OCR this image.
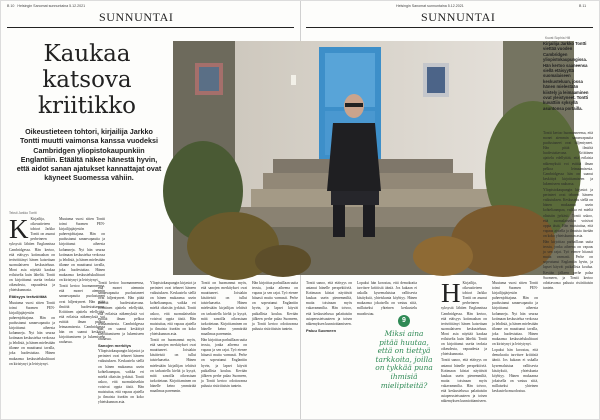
B 10 Helsingin Sanomat sunnuntaina 5.12.2021
SUNNUNTAI
Helsingin Sanomat sunnuntaina 5.12.2021	B 11
SUNNUNTAI
Kaukaa katsova kriitikko
Oikeustieteen tohtori, kirjailija Jarkko Tontti muutti vaimonsa kanssa vuodeksi Cambridgen yliopistokaupunkiin Englantiin. Etäältä näkee hänestä hyvin, että aidot sanan ajatukset kannattajat ovat käyneet Suomessa vähiin.
Teksti Jarkko Tontti
Kuvat Sophia Hill
K Kirjailija, oikeustieteen tohtori Jarkko Tontti on asunut perheineen syksystä lähtien Englannissa Cambridgessa. Hän kertoo, että etäisyys kotimaahan on terävöittänyt hänen katsettaan suomalaiseen keskusteluun. Moni asia näyttää kaukaa erilaiselta kuin läheltä. Tontti on kirjoittanut useita teoksia oikeudesta, vapaudesta ja yhteiskunnasta.

Etäisyys terävöittää

Muutama vuosi sitten Tontti toimi Suomen PEN-kirjailijajärjestön puheenjohtajana. Hän on puolustanut sananvapautta ja kirjoittanut aiheesta kolumneja. Nyt hän seuraa kotimaan keskustelua verkossa ja lehdistä, ja hänen mielestään tilanne on muuttunut tavalla, joka huolestuttaa. Hänen mukaansa keskustelukulttuuri on kiristynyt ja leiriytynyt.

Muutama vuosi sitten Tontti toimi Suomen PEN-kirjailijajärjestön puheenjohtajana. Hän on puolustanut sananvapautta ja kirjoittanut aiheesta kolumneja. Nyt hän seuraa kotimaan keskustelua verkossa ja lehdistä, ja hänen mielestään tilanne on muuttunut tavalla, joka huolestuttaa. Hänen mukaansa keskustelukulttuuri on kiristynyt ja leiriytynyt.

Tontti kertoo huomanneensa, että monet aiemmin sananvapautta puolustaneet ovat hiljentyneet. Hän pitää ilmiötä huolestuttavana. Kriittinen ajattelu edellyttää, että erilaisia näkemyksiä voi esittää ilman pelkoa leimaamisesta. Cambridgessa hän on saanut keskittyä kirjoittamiseen ja lukemiseen rauhassa.

Tontti kertoo huomanneensa, että monet aiemmin sananvapautta puolustaneet ovat hiljentyneet. Hän pitää ilmiötä huolestuttavana. Kriittinen ajattelu edellyttää, että erilaisia näkemyksiä voi esittää ilman pelkoa leimaamisesta. Cambridgessa hän on saanut keskittyä kirjoittamiseen ja lukemiseen rauhassa.

Sanojen merkitys

Yliopistokaupungin kirjastot ja perinteet ovat tehneet häneen vaikutuksen. Keskustelu siellä on hänen mukaansa usein kohteliaampaa, vaikka eri mieltä oltaisiin jyrkästi. Tontti uskoo, että suomalaisetkin voisivat oppia tästä. Hän muistuttaa, että vapaus ajatella ja ilmaista itseään on koko yhteiskunnan asia.

Yliopistokaupungin kirjastot ja perinteet ovat tehneet häneen vaikutuksen. Keskustelu siellä on hänen mukaansa usein kohteliaampaa, vaikka eri mieltä oltaisiin jyrkästi. Tontti uskoo, että suomalaisetkin voisivat oppia tästä. Hän muistuttaa, että vapaus ajatella ja ilmaista itseään on koko yhteiskunnan asia.

Tontti on huomannut myös, että sanojen merkitykset ovat muuttuneet. Joistakin käsitteistä on tullut taisteluaseita. Hänen mielestään kirjailijan tehtävä on tarkastella kieltä ja kysyä, mitä sanoilla oikeastaan tarkoitetaan. Kirjoittaminen on hänelle keino ymmärtää maailmaa paremmin.

Tontti on huomannut myös, että sanojen merkitykset ovat muuttuneet. Joistakin käsitteistä on tullut taisteluaseita. Hänen mielestään kirjailijan tehtävä on tarkastella kieltä ja kysyä, mitä sanoilla oikeastaan tarkoitetaan. Kirjoittaminen on hänelle keino ymmärtää maailmaa paremmin.

Hän kirjoittaa parhaillaan uutta teosta, jonka aiheena on vapaus ja sen rajat. Työ etenee hitaasti mutta varmasti. Perhe on sopeutunut Englantiin hyvin, ja lapset käyvät paikallista koulua. Kevään jälkeen perhe palaa Suomeen, ja Tontti kertoo odottavansa paluuta ristiriitaisin tuntein.

Hän kirjoittaa parhaillaan uutta teosta, jonka aiheena on vapaus ja sen rajat. Työ etenee hitaasti mutta varmasti. Perhe on sopeutunut Englantiin hyvin, ja lapset käyvät paikallista koulua. Kevään jälkeen perhe palaa Suomeen, ja Tontti kertoo odottavansa paluuta ristiriitaisin tuntein.

Tontti sanoo, että etäisyys on antanut hänelle perspektiiviä. Kotimaan kiistat näyttävät kaukaa usein pienemmiltä, mutta toisinaan myös vakavammilta. Hän toivoo, että keskustelussa palattaisiin asiaperusteisuuteen ja toisen näkemyksen kunnioittamiseen.

Paluu Suomeen

Lopuksi hän korostaa, että demokratia tarvitsee kriittisiä ääniä. Jos kukaan ei uskalla kyseenalaistaa vallitsevia käsityksiä, yhteiskunta köyhtyy. Hänen mukaansa jokaisella on vastuu siitä, millaiseksi yhteinen keskustelu muodostuu.

H Kirjailija, oikeustieteen tohtori Jarkko Tontti on asunut perheineen syksystä lähtien Englannissa Cambridgessa. Hän kertoo, että etäisyys kotimaahan on terävöittänyt hänen katsettaan suomalaiseen keskusteluun. Moni asia näyttää kaukaa erilaiselta kuin läheltä. Tontti on kirjoittanut useita teoksia oikeudesta, vapaudesta ja yhteiskunnasta.

Tontti sanoo, että etäisyys on antanut hänelle perspektiiviä. Kotimaan kiistat näyttävät kaukaa usein pienemmiltä, mutta toisinaan myös vakavammilta. Hän toivoo, että keskustelussa palattaisiin asiaperusteisuuteen ja toisen näkemyksen kunnioittamiseen.

Muutama vuosi sitten Tontti toimi Suomen PEN-kirjailijajärjestön puheenjohtajana. Hän on puolustanut sananvapautta ja kirjoittanut aiheesta kolumneja. Nyt hän seuraa kotimaan keskustelua verkossa ja lehdistä, ja hänen mielestään tilanne on muuttunut tavalla, joka huolestuttaa. Hänen mukaansa keskustelukulttuuri on kiristynyt ja leiriytynyt.

Lopuksi hän korostaa, että demokratia tarvitsee kriittisiä ääniä. Jos kukaan ei uskalla kyseenalaistaa vallitsevia käsityksiä, yhteiskunta köyhtyy. Hänen mukaansa jokaisella on vastuu siitä, millaiseksi yhteinen keskustelu muodostuu.

Tontti kertoo huomanneensa, että monet aiemmin sananvapautta puolustaneet ovat hiljentyneet. Hän pitää ilmiötä huolestuttavana. Kriittinen ajattelu edellyttää, että erilaisia näkemyksiä voi esittää ilman pelkoa leimaamisesta. Cambridgessa hän on saanut keskittyä kirjoittamiseen ja lukemiseen rauhassa.

Yliopistokaupungin kirjastot ja perinteet ovat tehneet häneen vaikutuksen. Keskustelu siellä on hänen mukaansa usein kohteliaampaa, vaikka eri mieltä oltaisiin jyrkästi. Tontti uskoo, että suomalaisetkin voisivat oppia tästä. Hän muistuttaa, että vapaus ajatella ja ilmaista itseään on koko yhteiskunnan asia.

Hän kirjoittaa parhaillaan uutta teosta, jonka aiheena on vapaus ja sen rajat. Työ etenee hitaasti mutta varmasti. Perhe on sopeutunut Englantiin hyvin, ja lapset käyvät paikallista koulua. Kevään jälkeen perhe palaa Suomeen, ja Tontti kertoo odottavansa paluuta ristiriitaisin tuntein.

Kirjailija Jarkko Tontti viettää vuoden Cambridgen yliopistokaupungissa. Hän kertoo saaneensa siellä etäisyyttä suomalaiseen keskusteluun, jossa hänen mielestään kiistely ja leimaaminen ovat yleistyneet. Tontti kuvattiin syksyllä asuntonsa portailla.
9
Miksi aina pitää huutaa, että on tiettyä tarkkoita, joilla on tykkää puna ihmisiä mielipiteitä?
